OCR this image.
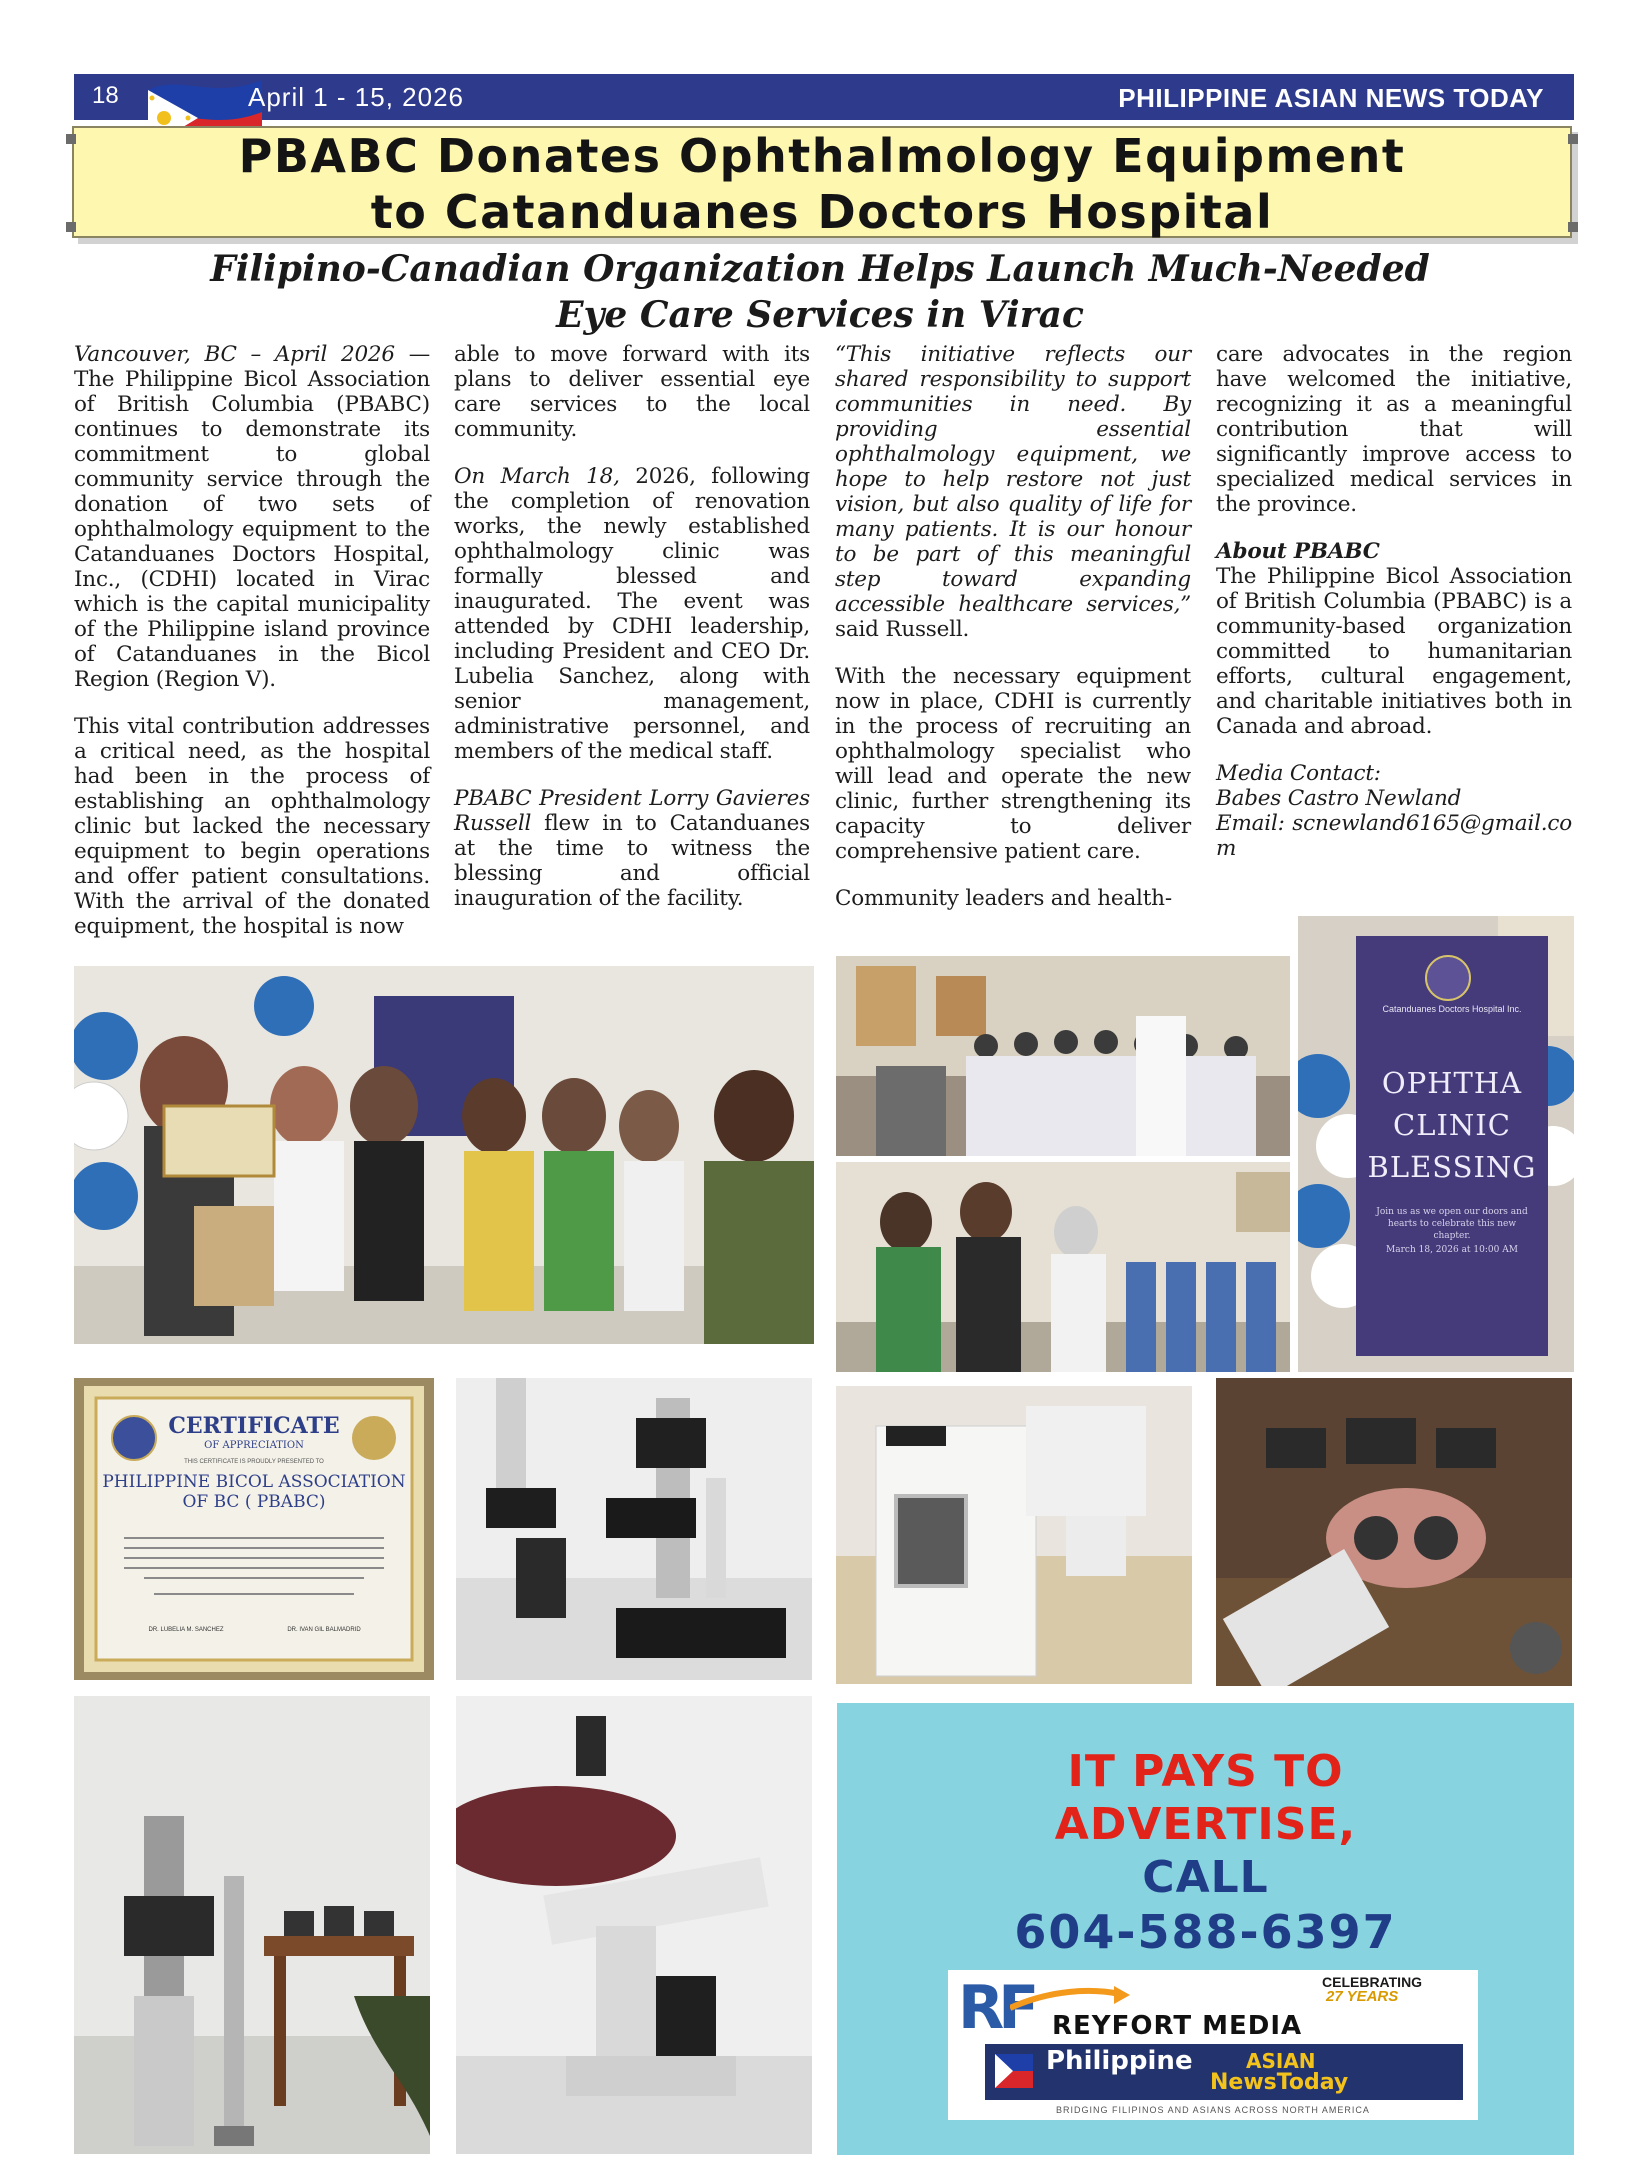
18	April 1 - 15, 2026	PHILIPPINE ASIAN NEWS TODAY
PBABC Donates Ophthalmology Equipment
to Catanduanes Doctors Hospital
Filipino-Canadian Organization Helps Launch Much-Needed
Eye Care Services in Virac

Vancouver, BC – April 2026 — The Philippine Bicol Association of British Columbia (PBABC) continues to demonstrate its commitment to global community service through the donation of two sets of ophthalmology equipment to the Catanduanes Doctors Hospital, Inc., (CDHI) located in Virac which is the capital municipality of the Philippine island province of Catanduanes in the Bicol Region (Region V).

This vital contribution addresses a critical need, as the hospital had been in the process of establishing an ophthalmology clinic but lacked the necessary equipment to begin operations and offer patient consultations. With the arrival of the donated equipment, the hospital is now

able to move forward with its plans to deliver essential eye care services to the local community.

On March 18, 2026, following the completion of renovation works, the newly established ophthalmology clinic was formally blessed and inaugurated. The event was attended by CDHI leadership, including President and CEO Dr. Lubelia Sanchez, along with senior management, administrative personnel, and members of the medical staff.

PBABC President Lorry Gavieres Russell flew in to Catanduanes at the time to witness the blessing and official inauguration of the facility.

“This initiative reflects our shared responsibility to support communities in need. By providing essential ophthalmology equipment, we hope to help restore not just vision, but also quality of life for many patients. It is our honour to be part of this meaningful step toward expanding accessible healthcare services,” said Russell.

With the necessary equipment now in place, CDHI is currently in the process of recruiting an ophthalmology specialist who will lead and operate the new clinic, further strengthening its capacity to deliver comprehensive patient care.

Community leaders and health-

care advocates in the region have welcomed the initiative, recognizing it as a meaningful contribution that will significantly improve access to specialized medical services in the province.

About PBABC

The Philippine Bicol Association of British Columbia (PBABC) is a community-based organization committed to humanitarian efforts, cultural engagement, and charitable initiatives both in Canada and abroad.

Media Contact:

Babes Castro Newland

Email: scnewland6165@gmail.com

Catanduanes Doctors Hospital Inc.
OPHTHA
CLINIC
BLESSING
Join us as we open our doors and hearts to celebrate this new chapter.
March 18, 2026 at 10:00 AM
CERTIFICATE
OF APPRECIATION
THIS CERTIFICATE IS PROUDLY PRESENTED TO
PHILIPPINE BICOL ASSOCIATION
OF BC ( PBABC)
DR. LUBELIA M. SANCHEZ	DR. IVAN GIL BALMADRID
IT PAYS TO
ADVERTISE,
CALL
604-588-6397
RF	CELEBRATING
27 YEARS
REYFORT MEDIA
Philippine	ASIAN
NewsToday
BRIDGING FILIPINOS AND ASIANS ACROSS NORTH AMERICA
